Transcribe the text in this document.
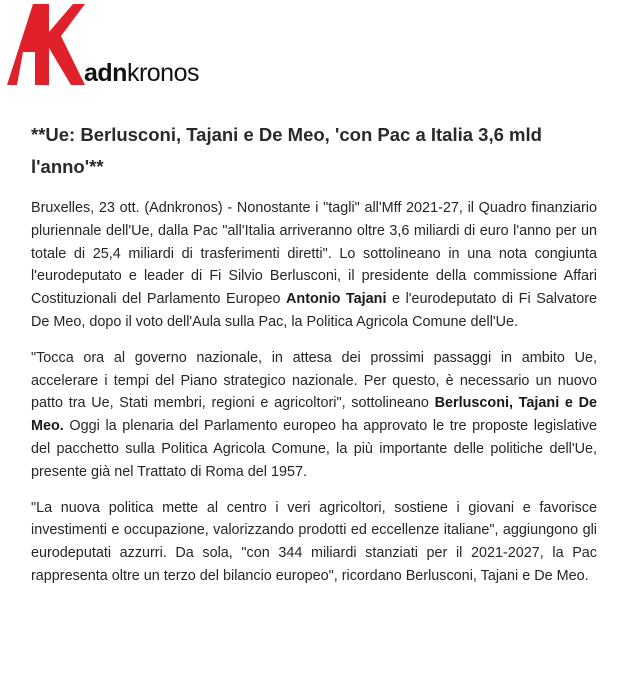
adnkronos
**Ue: Berlusconi, Tajani e De Meo, 'con Pac a Italia 3,6 mld l'anno'**

Bruxelles, 23 ott. (Adnkronos) - Nonostante i "tagli" all'Mff 2021-27, il Quadro finanziario pluriennale dell'Ue, dalla Pac "all'Italia arriveranno oltre 3,6 miliardi di euro l'anno per un totale di 25,4 miliardi di trasferimenti diretti". Lo sottolineano in una nota congiunta l'eurodeputato e leader di Fi Silvio Berlusconi, il presidente della commissione Affari Costituzionali del Parlamento Europeo Antonio Tajani e l'eurodeputato di Fi Salvatore De Meo, dopo il voto dell'Aula sulla Pac, la Politica Agricola Comune dell'Ue.

"Tocca ora al governo nazionale, in attesa dei prossimi passaggi in ambito Ue, accelerare i tempi del Piano strategico nazionale. Per questo, è necessario un nuovo patto tra Ue, Stati membri, regioni e agricoltori", sottolineano Berlusconi, Tajani e De Meo. Oggi la plenaria del Parlamento europeo ha approvato le tre proposte legislative del pacchetto sulla Politica Agricola Comune, la più importante delle politiche dell'Ue, presente già nel Trattato di Roma del 1957.

"La nuova politica mette al centro i veri agricoltori, sostiene i giovani e favorisce investimenti e occupazione, valorizzando prodotti ed eccellenze italiane", aggiungono gli eurodeputati azzurri. Da sola, "con 344 miliardi stanziati per il 2021-2027, la Pac rappresenta oltre un terzo del bilancio europeo", ricordano Berlusconi, Tajani e De Meo.
